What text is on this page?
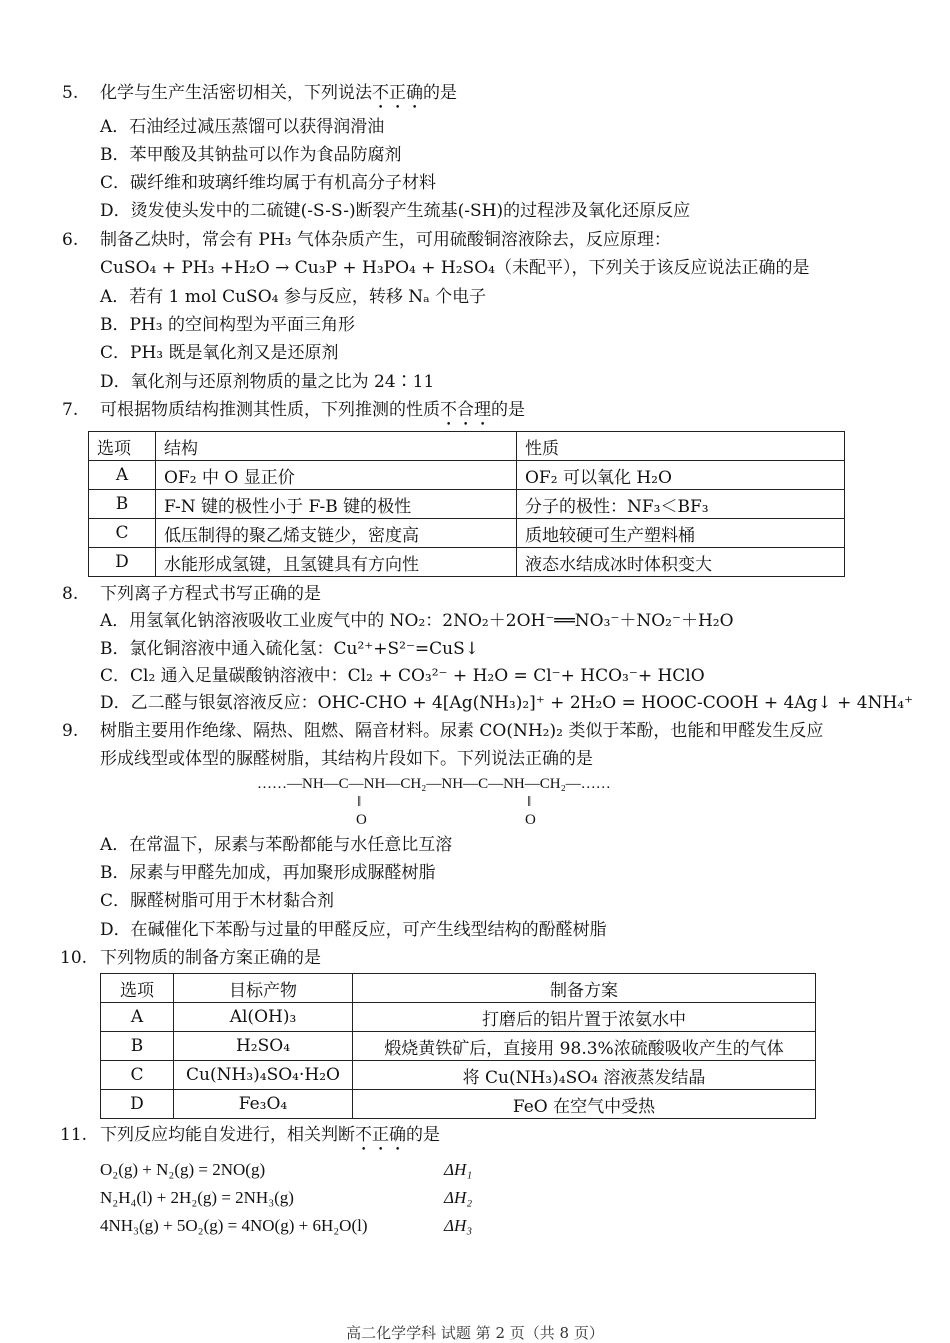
5. 化学与生产生活密切相关，下列说法不正确的是
A．石油经过减压蒸馏可以获得润滑油
B．苯甲酸及其钠盐可以作为食品防腐剂
C．碳纤维和玻璃纤维均属于有机高分子材料
D．烫发使头发中的二硫键(-S-S-)断裂产生巯基(-SH)的过程涉及氧化还原反应
6. 制备乙炔时，常会有 PH₃ 气体杂质产生，可用硫酸铜溶液除去，反应原理：
CuSO₄ + PH₃ +H₂O → Cu₃P + H₃PO₄ + H₂SO₄（未配平），下列关于该反应说法正确的是
A．若有 1 mol CuSO₄ 参与反应，转移 Nₐ 个电子
B．PH₃ 的空间构型为平面三角形
C．PH₃ 既是氧化剂又是还原剂
D．氧化剂与还原剂物质的量之比为 24∶11
7. 可根据物质结构推测其性质，下列推测的性质不合理的是
选项	结构	性质
A	OF₂ 中 O 显正价	OF₂ 可以氧化 H₂O
B	F-N 键的极性小于 F-B 键的极性	分子的极性：NF₃＜BF₃
C	低压制得的聚乙烯支链少，密度高	质地较硬可生产塑料桶
D	水能形成氢键，且氢键具有方向性	液态水结成冰时体积变大
8. 下列离子方程式书写正确的是
A．用氢氧化钠溶液吸收工业废气中的 NO₂：2NO₂＋2OH⁻══NO₃⁻＋NO₂⁻＋H₂O
B．氯化铜溶液中通入硫化氢：Cu²⁺+S²⁻=CuS↓
C．Cl₂ 通入足量碳酸钠溶液中：Cl₂ + CO₃²⁻ + H₂O = Cl⁻+ HCO₃⁻+ HClO
D．乙二醛与银氨溶液反应：OHC-CHO + 4[Ag(NH₃)₂]⁺ + 2H₂O = HOOC-COOH + 4Ag↓ + 4NH₄⁺
9. 树脂主要用作绝缘、隔热、阻燃、隔音材料。尿素 CO(NH₂)₂ 类似于苯酚，也能和甲醛发生反应
形成线型或体型的脲醛树脂，其结构片段如下。下列说法正确的是
……—NH—C—NH—CH₂—NH—C—NH—CH₂—……
‖	‖
O	O
A．在常温下，尿素与苯酚都能与水任意比互溶
B．尿素与甲醛先加成，再加聚形成脲醛树脂
C．脲醛树脂可用于木材黏合剂
D．在碱催化下苯酚与过量的甲醛反应，可产生线型结构的酚醛树脂
10. 下列物质的制备方案正确的是
选项	目标产物	制备方案
A	Al(OH)₃	打磨后的铝片置于浓氨水中
B	H₂SO₄	煅烧黄铁矿后，直接用 98.3%浓硫酸吸收产生的气体
C	Cu(NH₃)₄SO₄·H₂O	将 Cu(NH₃)₄SO₄ 溶液蒸发结晶
D	Fe₃O₄	FeO 在空气中受热
11. 下列反应均能自发进行，相关判断不正确的是
O₂(g) + N₂(g) = 2NO(g)	ΔH₁
N₂H₄(l) + 2H₂(g) = 2NH₃(g)	ΔH₂
4NH₃(g) + 5O₂(g) = 4NO(g) + 6H₂O(l)	ΔH₃
高二化学学科 试题 第 2 页（共 8 页）
